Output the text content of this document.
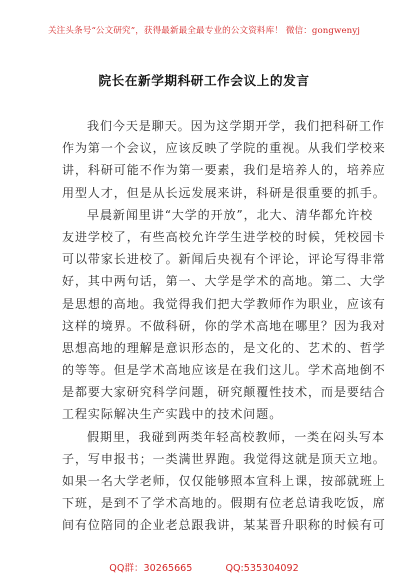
关注头条号“公文研究”，获得最新最全最专业的公文资料库！ 微信：gongwenyj
院长在新学期科研工作会议上的发言
我们今天是聊天。因为这学期开学，我们把科研工作
作为第一个会议，应该反映了学院的重视。从我们学校来
讲，科研可能不作为第一要素，我们是培养人的，培养应
用型人才，但是从长远发展来讲，科研是很重要的抓手。
早晨新闻里讲“大学的开放”，北大、清华都允许校
友进学校了，有些高校允许学生进学校的时候，凭校园卡
可以带家长进校了。新闻后央视有个评论，评论写得非常
好，其中两句话，第一、大学是学术的高地。第二、大学
是思想的高地。我觉得我们把大学教师作为职业，应该有
这样的境界。不做科研，你的学术高地在哪里？因为我对
思想高地的理解是意识形态的，是文化的、艺术的、哲学
的等等。但是学术高地应该是在我们这儿。学术高地倒不
是都要大家研究科学问题，研究颠覆性技术，而是要结合
工程实际解决生产实践中的技术问题。
假期里，我碰到两类年轻高校教师，一类在闷头写本
子，写申报书；一类满世界跑。我觉得这就是顶天立地。
如果一名大学老师，仅仅能够照本宣科上课，按部就班上
下班，是到不了学术高地的。假期有位老总请我吃饭，席
间有位陪同的企业老总跟我讲，某某晋升职称的时候有可
QQ群：30265665	QQ:535304092
